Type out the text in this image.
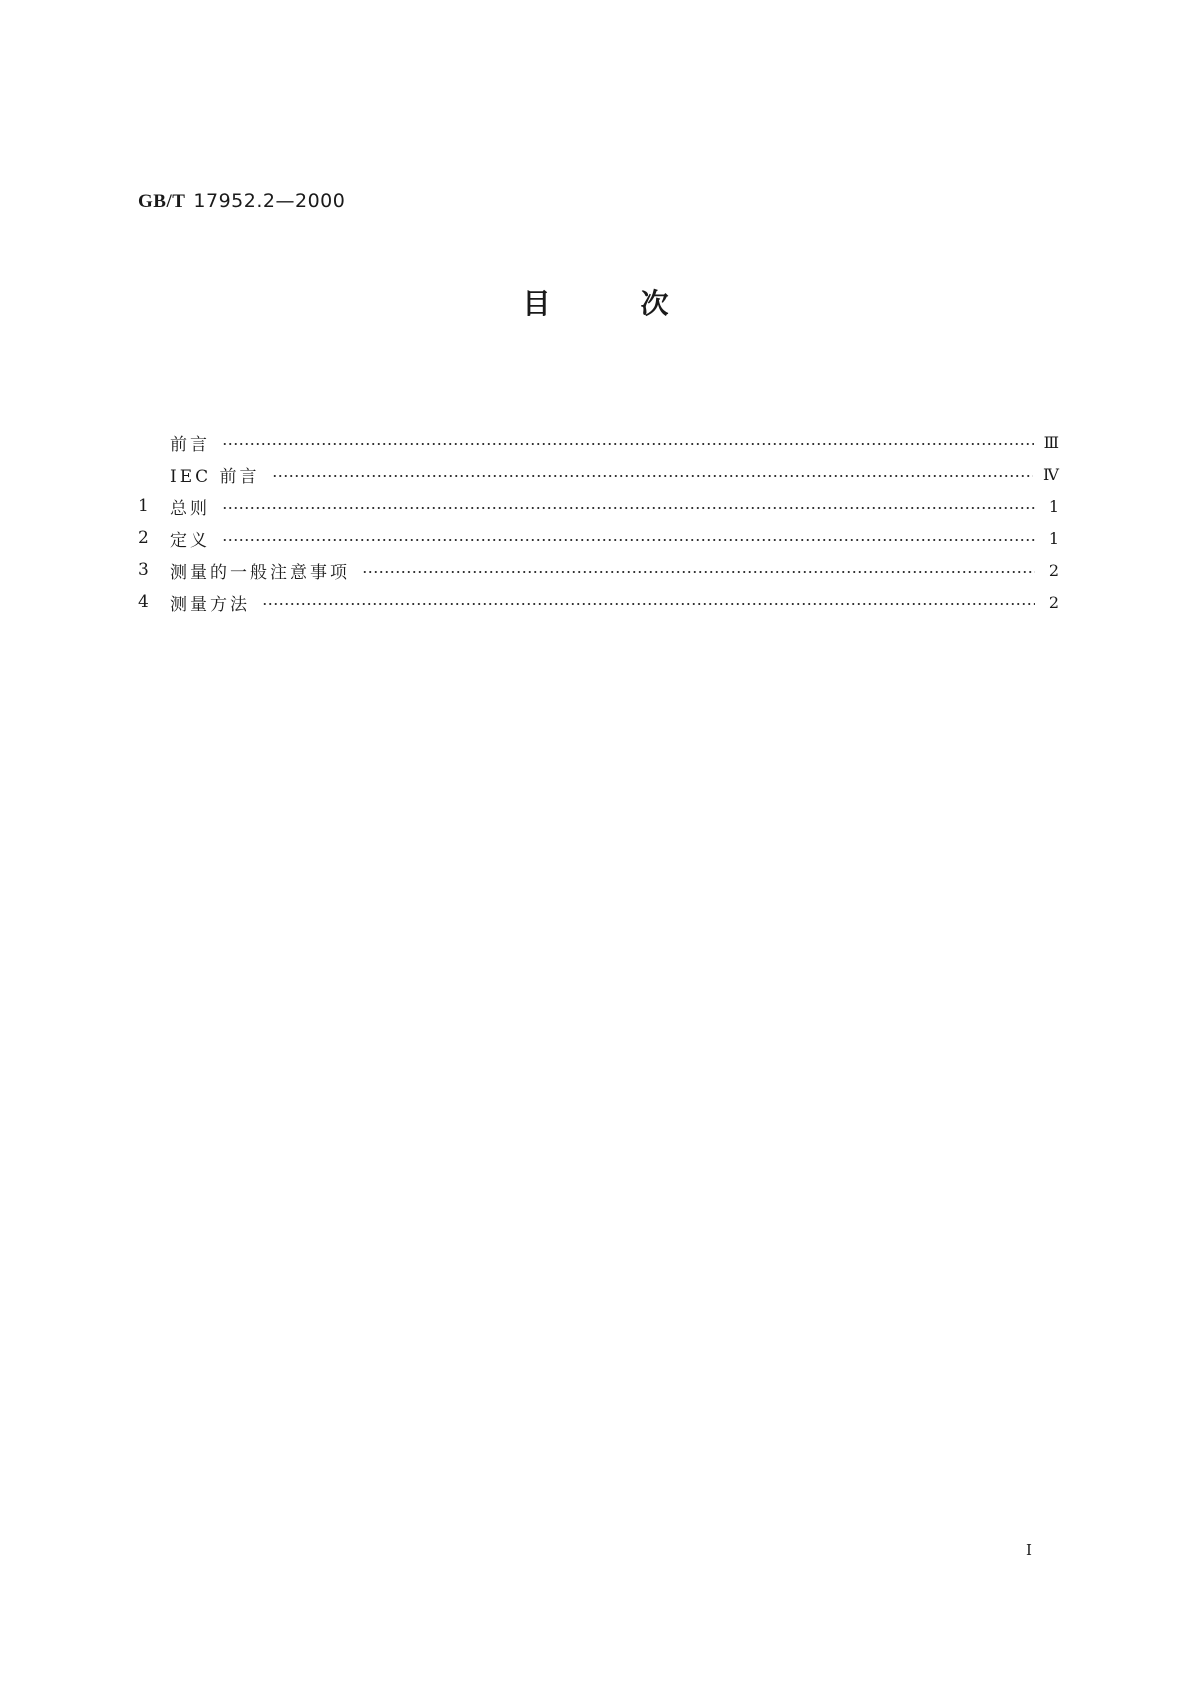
GB/T 17952.2—2000
目次
前言	Ⅲ
IEC 前言	Ⅳ
1	总则	1
2	定义	1
3	测量的一般注意事项	2
4	测量方法	2
I
